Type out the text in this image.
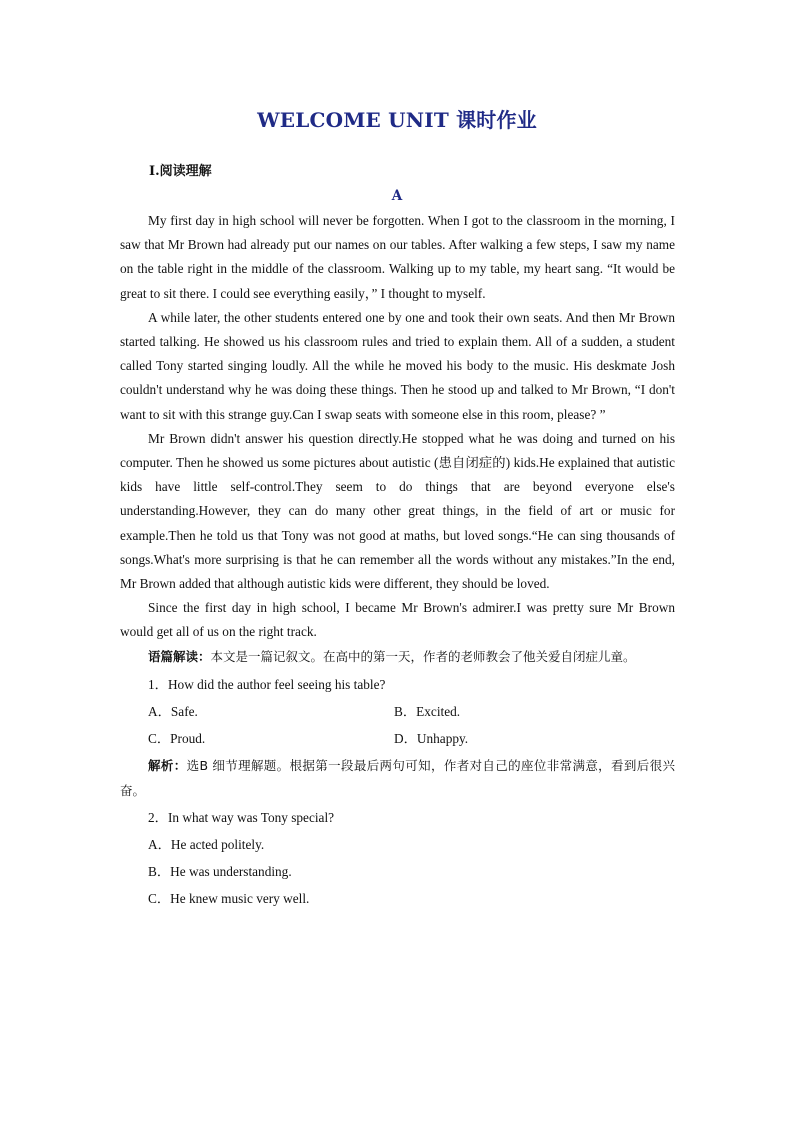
WELCOME UNIT 课时作业
Ⅰ.阅读理解
A

My first day in high school will never be forgotten. When I got to the classroom in the morning, I saw that Mr Brown had already put our names on our tables. After walking a few steps, I saw my name on the table right in the middle of the classroom. Walking up to my table, my heart sang. “It would be great to sit there. I could see everything easily，” I thought to myself.

A while later, the other students entered one by one and took their own seats. And then Mr Brown started talking. He showed us his classroom rules and tried to explain them. All of a sudden, a student called Tony started singing loudly. All the while he moved his body to the music. His deskmate Josh couldn't understand why he was doing these things. Then he stood up and talked to Mr Brown, “I don't want to sit with this strange guy.Can I swap seats with someone else in this room, please? ”

Mr Brown didn't answer his question directly.He stopped what he was doing and turned on his computer. Then he showed us some pictures about autistic (患自闭症的) kids.He explained that autistic kids have little self-control.They seem to do things that are beyond everyone else's understanding.However, they can do many other great things, in the field of art or music for example.Then he told us that Tony was not good at maths, but loved songs.“He can sing thousands of songs.What's more surprising is that he can remember all the words without any mistakes.”In the end, Mr Brown added that although autistic kids were different, they should be loved.

Since the first day in high school, I became Mr Brown's admirer.I was pretty sure Mr Brown would get all of us on the right track.

语篇解读：本文是一篇记叙文。在高中的第一天，作者的老师教会了他关爱自闭症儿童。

1．How did the author feel seeing his table?

A．Safe.	B．Excited.
C．Proud.	D．Unhappy.

解析：选B 细节理解题。根据第一段最后两句可知，作者对自己的座位非常满意，看到后很兴奋。

2．In what way was Tony special?

A．He acted politely.

B．He was understanding.

C．He knew music very well.
